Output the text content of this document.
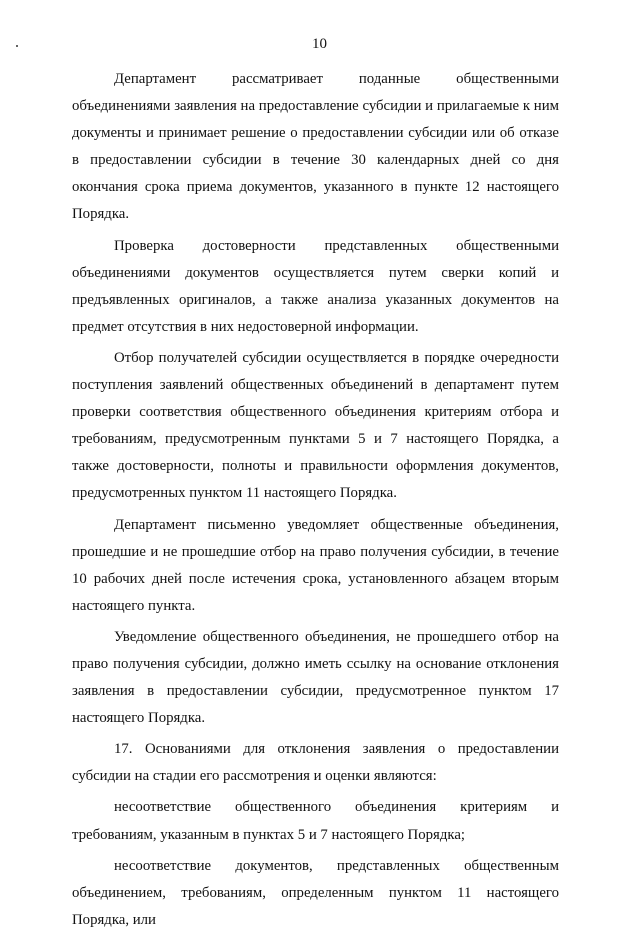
10

Департамент рассматривает поданные общественными объединениями заявления на предоставление субсидии и прилагаемые к ним документы и принимает решение о предоставлении субсидии или об отказе в предоставлении субсидии в течение 30 календарных дней со дня окончания срока приема документов, указанного в пункте 12 настоящего Порядка.

Проверка достоверности представленных общественными объединениями документов осуществляется путем сверки копий и предъявленных оригиналов, а также анализа указанных документов на предмет отсутствия в них недостоверной информации.

Отбор получателей субсидии осуществляется в порядке очередности поступления заявлений общественных объединений в департамент путем проверки соответствия общественного объединения критериям отбора и требованиям, предусмотренным пунктами 5 и 7 настоящего Порядка, а также достоверности, полноты и правильности оформления документов, предусмотренных пунктом 11 настоящего Порядка.

Департамент письменно уведомляет общественные объединения, прошедшие и не прошедшие отбор на право получения субсидии, в течение 10 рабочих дней после истечения срока, установленного абзацем вторым настоящего пункта.

Уведомление общественного объединения, не прошедшего отбор на право получения субсидии, должно иметь ссылку на основание отклонения заявления в предоставлении субсидии, предусмотренное пунктом 17 настоящего Порядка.

17. Основаниями для отклонения заявления о предоставлении субсидии на стадии его рассмотрения и оценки являются:

несоответствие общественного объединения критериям и требованиям, указанным в пунктах 5 и 7 настоящего Порядка;

несоответствие документов, представленных общественным объединением, требованиям, определенным пунктом 11 настоящего Порядка, или
